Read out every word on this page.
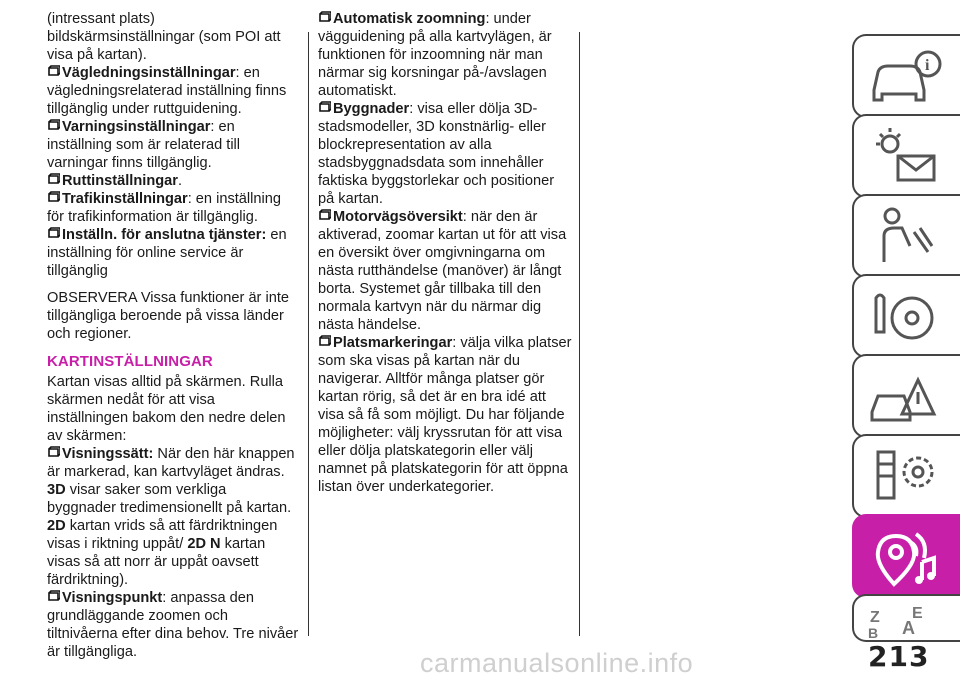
(intressant plats) bildskärmsinställningar (som POI att visa på kartan).

Vägledningsinställningar: en vägledningsrelaterad inställning finns tillgänglig under ruttguidening.

Varningsinställningar: en inställning som är relaterad till varningar finns tillgänglig.

Ruttinställningar.

Trafikinställningar: en inställning för trafikinformation är tillgänglig.

Inställn. för anslutna tjänster: en inställning för online service är tillgänglig

OBSERVERA Vissa funktioner är inte tillgängliga beroende på vissa länder och regioner.

KARTINSTÄLLNINGAR

Kartan visas alltid på skärmen. Rulla skärmen nedåt för att visa inställningen bakom den nedre delen av skärmen:

Visningssätt: När den här knappen är markerad, kan kartvyläget ändras. 3D visar saker som verkliga byggnader tredimensionellt på kartan. 2D kartan vrids så att färdriktningen visas i riktning uppåt/ 2D N kartan visas så att norr är uppåt oavsett färdriktning).

Visningspunkt: anpassa den grundläggande zoomen och tiltnivåerna efter dina behov. Tre nivåer är tillgängliga.

Automatisk zoomning: under vägguidening på alla kartvylägen, är funktionen för inzoomning när man närmar sig korsningar på-/avslagen automatiskt.

Byggnader: visa eller dölja 3D-stadsmodeller, 3D konstnärlig- eller blockrepresentation av alla stadsbyggnadsdata som innehåller faktiska byggstorlekar och positioner på kartan.

Motorvägsöversikt: när den är aktiverad, zoomar kartan ut för att visa en översikt över omgivningarna om nästa rutthändelse (manöver) är långt borta. Systemet går tillbaka till den normala kartvyn när du närmar dig nästa händelse.

Platsmarkeringar: välja vilka platser som ska visas på kartan när du navigerar. Alltför många platser gör kartan rörig, så det är en bra idé att visa så få som möjligt. Du har följande möjligheter: välj kryssrutan för att visa eller dölja platskategorin eller välj namnet på platskategorin för att öppna listan över underkategorier.

i
Z E
A
B
213
carmanualsonline.info
